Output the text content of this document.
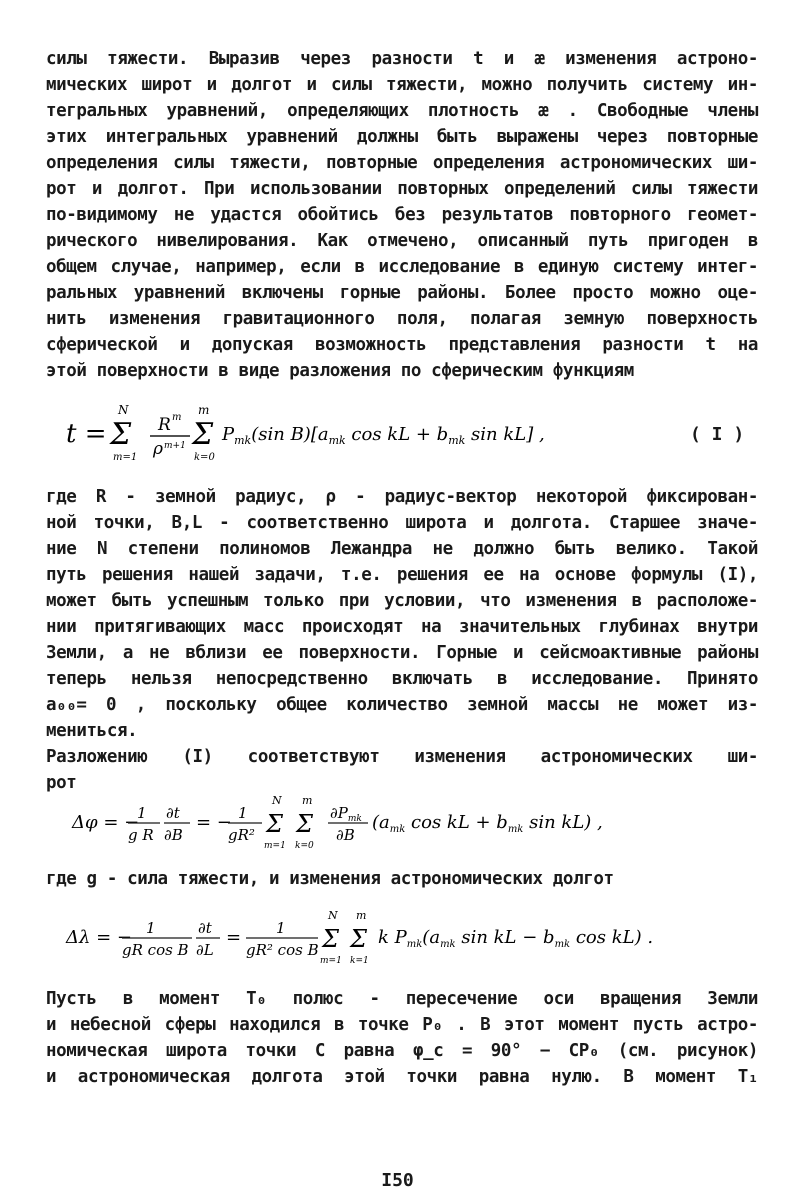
силы тяжести. Выразив через разности t и æ изменения астроно-
мических широт и долгот и силы тяжести, можно получить систему ин-
тегральных уравнений, определяющих плотность æ . Свободные члены
этих интегральных уравнений должны быть выражены через повторные
определения силы тяжести, повторные определения астрономических ши-
рот и долгот. При использовании повторных определений силы тяжести
по-видимому не удастся обойтись без результатов повторного геомет-
рического нивелирования. Как отмечено, описанный путь пригоден в
общем случае, например, если в исследование в единую систему интег-
ральных уравнений включены горные районы. Более просто можно оце-
нить изменения гравитационного поля, полагая земную поверхность
сферической и допуская возможность представления разности t на
этой поверхности в виде разложения по сферическим функциям
t =
N
Σ
m=1
R m
ρ m+1
m
Σ
k=0
$P_{mk}(\sin$ $B)[a_{mk}$ cos kL + $b_{mk}$ sin kL] ,	( I )
где R - земной радиус, ρ - радиус-вектор некоторой фиксирован-
ной точки, B,L - соответственно широта и долгота. Старшее значе-
ние N степени полиномов Лежандра не должно быть велико. Такой
путь решения нашей задачи, т.е. решения ее на основе формулы (I),
может быть успешным только при условии, что изменения в расположе-
нии притягивающих масс происходят на значительных глубинах внутри
Земли, а не вблизи ее поверхности. Горные и сейсмоактивные районы
теперь нельзя непосредственно включать в исследование. Принято
a₀₀= 0 , поскольку общее количество земной массы не может из-
мениться.
Разложению (I) соответствуют изменения астрономических ши-
рот
Δφ = −
1
g R
∂t
∂B
= − 1
gR²
N
Σ
m=1
m
Σ
k=0
$\partial P_{mk}$
∂B
($a_{mk}$ cos kL + $b_{mk}$ sin kL) ,
где g - сила тяжести, и изменения астрономических долгот
Δλ = − 1
gR cos B
∂t
∂L
= 1
gR² cos B
N
Σ
m=1
m
Σ
k=1
k $P_{mk}(a_{mk}$ sin kL − $b_{mk}$ cos kL) .
Пусть в момент T₀ полюс - пересечение оси вращения Земли
и небесной сферы находился в точке P₀ . В этот момент пусть астро-
номическая широта точки C равна φ_c = 90° − CP₀ (см. рисунок)
и астрономическая долгота этой точки равна нулю. В момент T₁
I50
